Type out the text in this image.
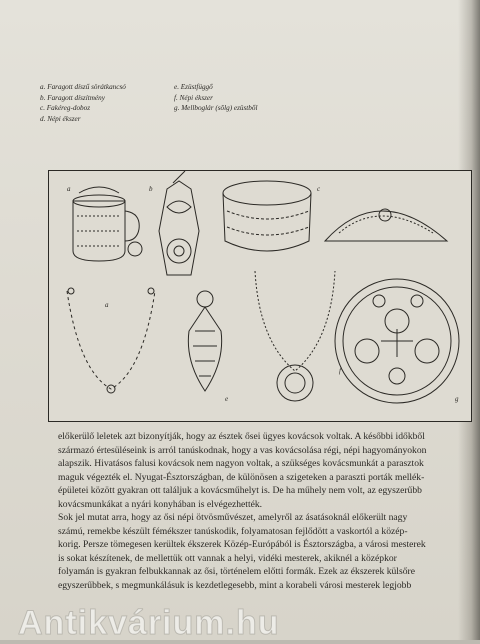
a. Faragott díszű sörátkancsó
b. Faragott díszítmény
c. Fakéreg-doboz
d. Népi ékszer
e. Ezüstfüggő
f. Népi ékszer
g. Mellboglár (sõlg) ezüstből
a	b	c
a
e
f
g
előkerülő leletek azt bizonyítják, hogy az észtek ősei ügyes kovácsok voltak. A későbbi időkből
származó értesüléseink is arról tanúskodnak, hogy a vas kovácsolása régi, népi hagyományokon
alapszik. Hivatásos falusi kovácsok nem nagyon voltak, a szükséges kovácsmunkát a parasztok
maguk végezték el. Nyugat-Észtországban, de különösen a szigeteken a paraszti porták mellék-
épületei között gyakran ott találjuk a kovácsműhelyt is. De ha műhely nem volt, az egyszerűbb
kovácsmunkákat a nyári konyhában is elvégezhették.
Sok jel mutat arra, hogy az ősi népi ötvösművészet, amelyről az ásatásoknál előkerült nagy
számú, remekbe készült fémékszer tanúskodik, folyamatosan fejlődött a vaskortól a közép-
korig. Persze tömegesen kerültek ékszerek Közép-Európából is Észtországba, a városi mesterek
is sokat készítenek, de mellettük ott vannak a helyi, vidéki mesterek, akiknél a középkor
folyamán is gyakran felbukkannak az ősi, történelem előtti formák. Ezek az ékszerek külsőre
egyszerűbbek, s megmunkálásuk is kezdetlegesebb, mint a korabeli városi mesterek legjobb
Antikvárium.hu
